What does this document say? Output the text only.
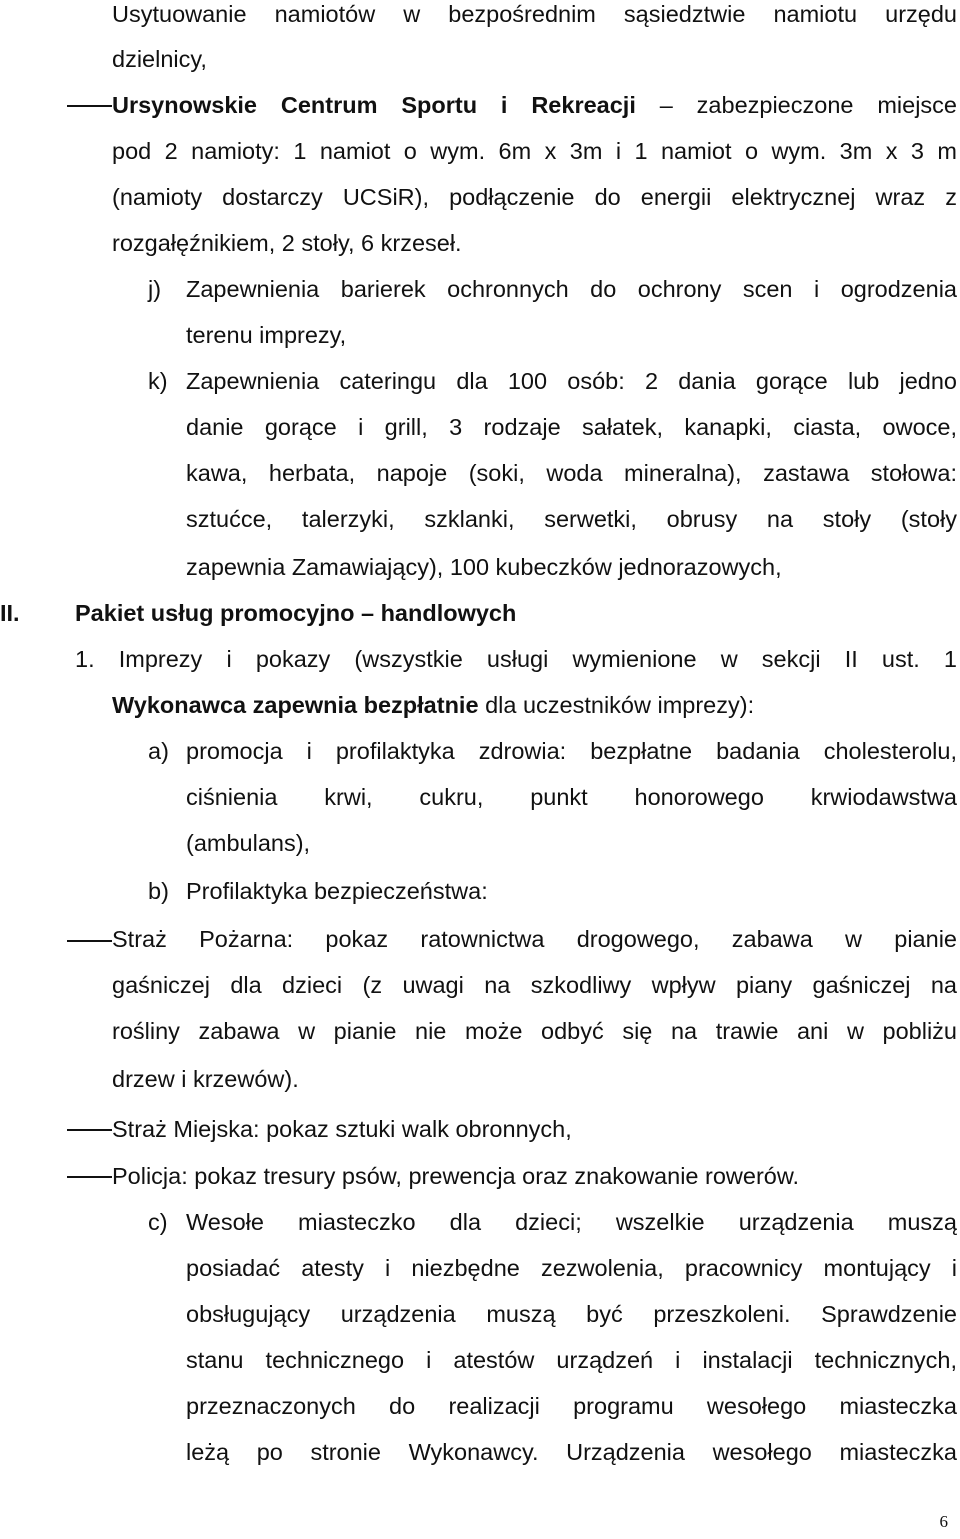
Usytuowanie namiotów w bezpośrednim sąsiedztwie namiotu urzędu
dzielnicy,
Ursynowskie Centrum Sportu i Rekreacji – zabezpieczone miejsce
pod 2 namioty: 1 namiot o wym. 6m x 3m i 1 namiot o wym. 3m x 3 m
(namioty dostarczy UCSiR), podłączenie do energii elektrycznej wraz z
rozgałęźnikiem, 2 stoły, 6 krzeseł.
j) Zapewnienia barierek ochronnych do ochrony scen i ogrodzenia
terenu imprezy,
k) Zapewnienia cateringu dla 100 osób: 2 dania gorące lub jedno
danie gorące i grill, 3 rodzaje sałatek, kanapki, ciasta, owoce,
kawa, herbata, napoje (soki, woda mineralna), zastawa stołowa:
sztućce, talerzyki, szklanki, serwetki, obrusy na stoły (stoły
zapewnia Zamawiający), 100 kubeczków jednorazowych,
II. Pakiet usług promocyjno – handlowych
1. Imprezy i pokazy (wszystkie usługi wymienione w sekcji II ust. 1
Wykonawca zapewnia bezpłatnie dla uczestników imprezy):
a) promocja i profilaktyka zdrowia: bezpłatne badania cholesterolu,
ciśnienia krwi, cukru, punkt honorowego krwiodawstwa
(ambulans),
b) Profilaktyka bezpieczeństwa:
Straż Pożarna: pokaz ratownictwa drogowego, zabawa w pianie
gaśniczej dla dzieci (z uwagi na szkodliwy wpływ piany gaśniczej na
rośliny zabawa w pianie nie może odbyć się na trawie ani w pobliżu
drzew i krzewów).
Straż Miejska: pokaz sztuki walk obronnych,
Policja: pokaz tresury psów, prewencja oraz znakowanie rowerów.
c) Wesołe miasteczko dla dzieci; wszelkie urządzenia muszą
posiadać atesty i niezbędne zezwolenia, pracownicy montujący i
obsługujący urządzenia muszą być przeszkoleni. Sprawdzenie
stanu technicznego i atestów urządzeń i instalacji technicznych,
przeznaczonych do realizacji programu wesołego miasteczka
leżą po stronie Wykonawcy. Urządzenia wesołego miasteczka
6
